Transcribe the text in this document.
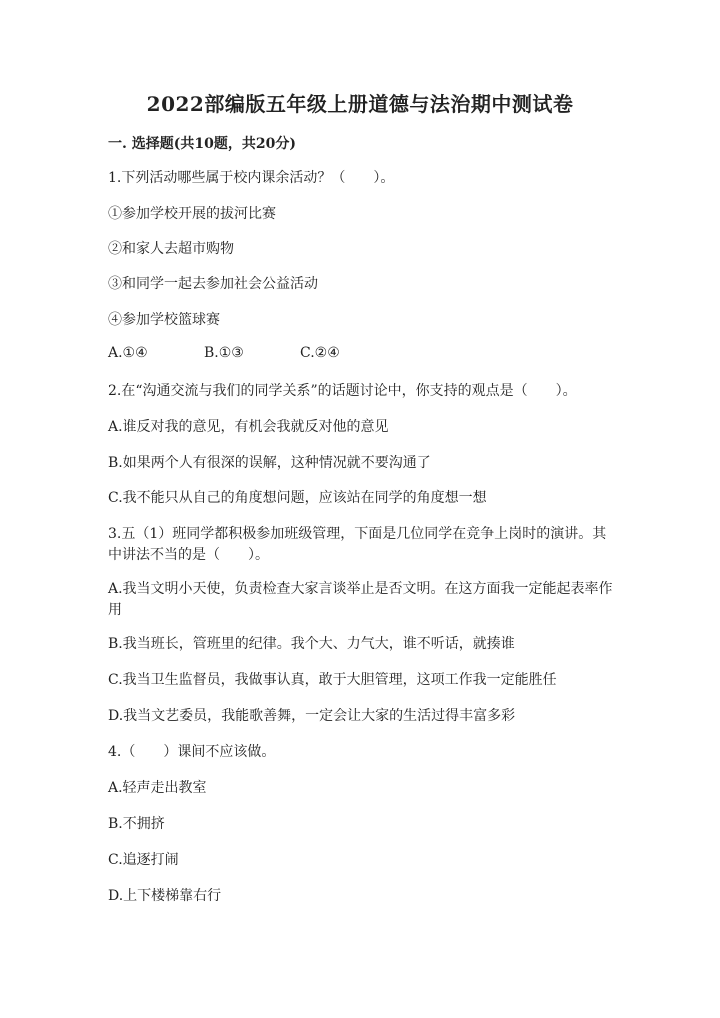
2022部编版五年级上册道德与法治期中测试卷
一. 选择题(共10题，共20分)
1.下列活动哪些属于校内课余活动？（　　）。
①参加学校开展的拔河比赛
②和家人去超市购物
③和同学一起去参加社会公益活动
④参加学校篮球赛
A.①④	B.①③	C.②④
2.在“沟通交流与我们的同学关系”的话题讨论中，你支持的观点是（　　）。
A.谁反对我的意见，有机会我就反对他的意见
B.如果两个人有很深的误解，这种情况就不要沟通了
C.我不能只从自己的角度想问题，应该站在同学的角度想一想
3.五（1）班同学都积极参加班级管理，下面是几位同学在竞争上岗时的演讲。其中讲法不当的是（　　）。
A.我当文明小天使，负责检查大家言谈举止是否文明。在这方面我一定能起表率作用
B.我当班长，管班里的纪律。我个大、力气大，谁不听话，就揍谁
C.我当卫生监督员，我做事认真，敢于大胆管理，这项工作我一定能胜任
D.我当文艺委员，我能歌善舞，一定会让大家的生活过得丰富多彩
4.（　　）课间不应该做。
A.轻声走出教室
B.不拥挤
C.追逐打闹
D.上下楼梯靠右行
